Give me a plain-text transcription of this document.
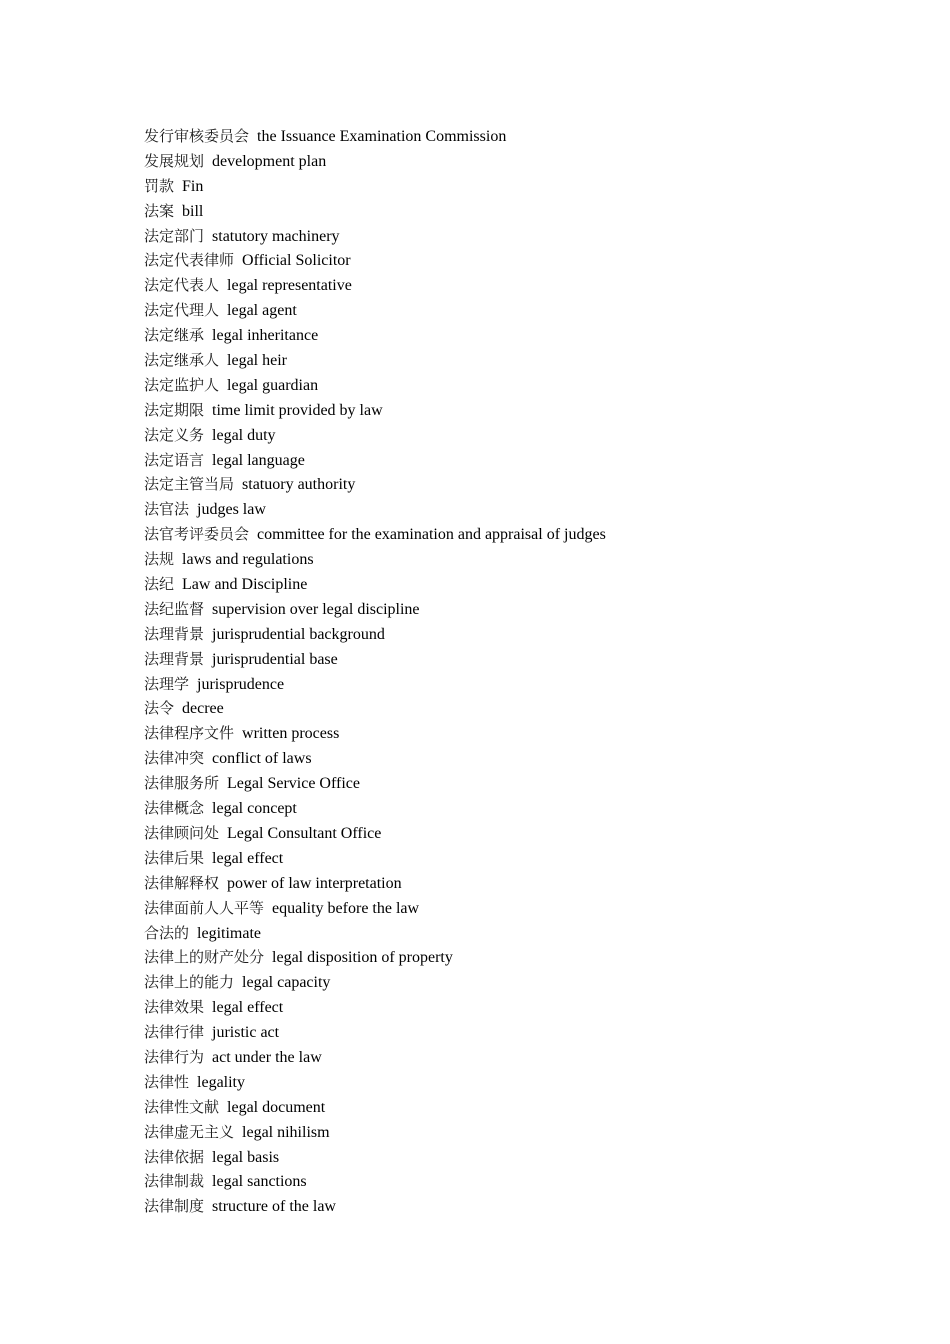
发行审核委员会 the Issuance Examination Commission
发展规划 development plan
罚款 Fin
法案 bill
法定部门 statutory machinery
法定代表律师 Official Solicitor
法定代表人 legal representative
法定代理人 legal agent
法定继承 legal inheritance
法定继承人 legal heir
法定监护人 legal guardian
法定期限 time limit provided by law
法定义务 legal duty
法定语言 legal language
法定主管当局 statuory authority
法官法 judges law
法官考评委员会 committee for the examination and appraisal of judges
法规 laws and regulations
法纪 Law and Discipline
法纪监督 supervision over legal discipline
法理背景 jurisprudential background
法理背景 jurisprudential base
法理学 jurisprudence
法令 decree
法律程序文件 written process
法律冲突 conflict of laws
法律服务所 Legal Service Office
法律概念 legal concept
法律顾问处 Legal Consultant Office
法律后果 legal effect
法律解释权 power of law interpretation
法律面前人人平等 equality before the law
合法的 legitimate
法律上的财产处分 legal disposition of property
法律上的能力 legal capacity
法律效果 legal effect
法律行律 juristic act
法律行为 act under the law
法律性 legality
法律性文献 legal document
法律虚无主义 legal nihilism
法律依据 legal basis
法律制裁 legal sanctions
法律制度 structure of the law
